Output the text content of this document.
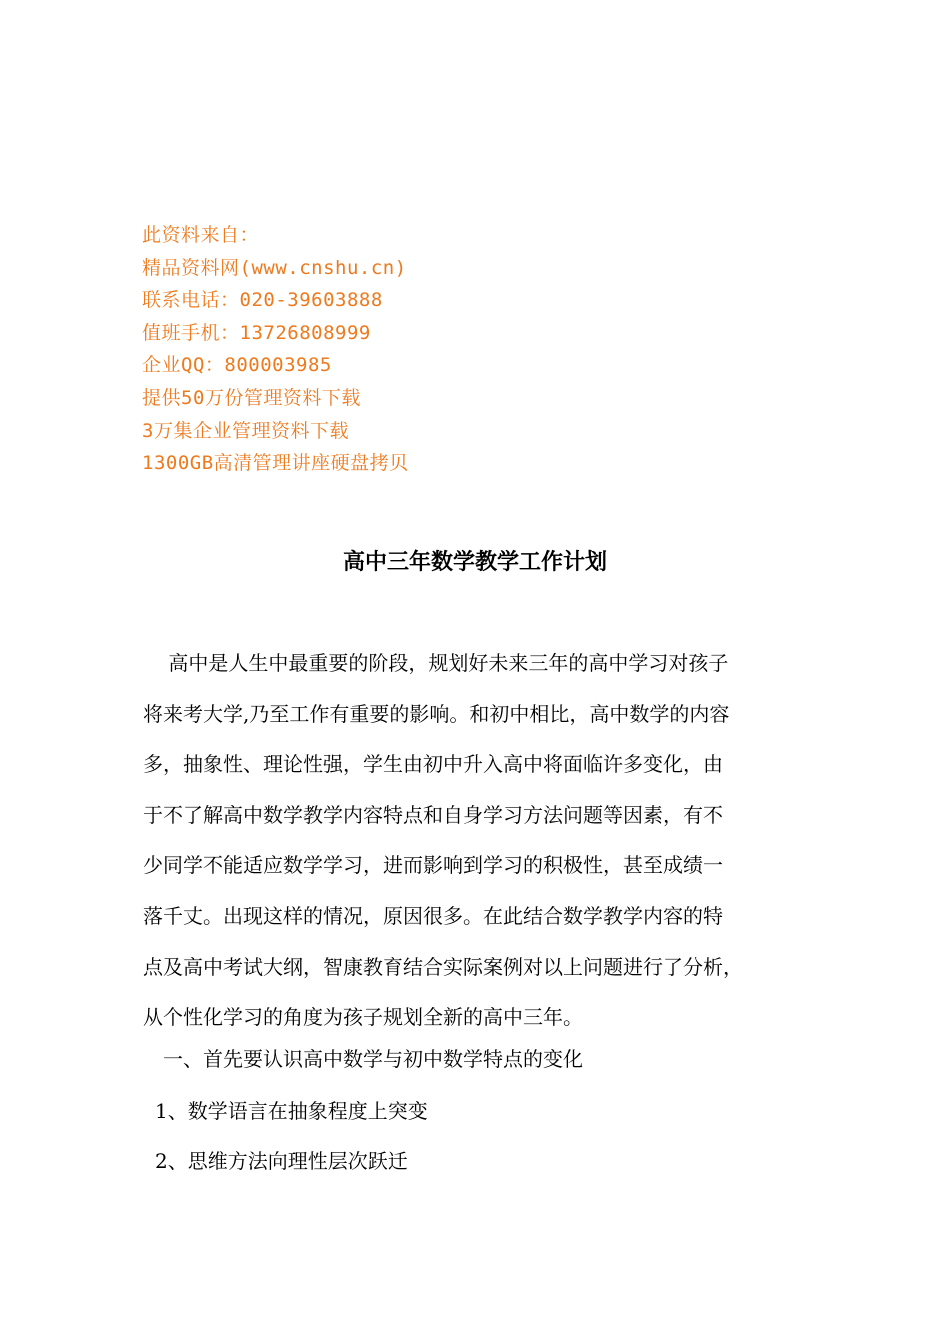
此资料来自：
精品资料网(www.cnshu.cn)
联系电话：020-39603888
值班手机：13726808999
企业QQ：800003985
提供50万份管理资料下载
3万集企业管理资料下载
1300GB高清管理讲座硬盘拷贝
高中三年数学教学工作计划
高中是人生中最重要的阶段，规划好未来三年的高中学习对孩子
将来考大学,乃至工作有重要的影响。和初中相比，高中数学的内容
多，抽象性、理论性强，学生由初中升入高中将面临许多变化，由
于不了解高中数学教学内容特点和自身学习方法问题等因素，有不
少同学不能适应数学学习，进而影响到学习的积极性，甚至成绩一
落千丈。出现这样的情况，原因很多。在此结合数学教学内容的特
点及高中考试大纲，智康教育结合实际案例对以上问题进行了分析，
从个性化学习的角度为孩子规划全新的高中三年。
一、首先要认识高中数学与初中数学特点的变化
1、数学语言在抽象程度上突变
2、思维方法向理性层次跃迁
